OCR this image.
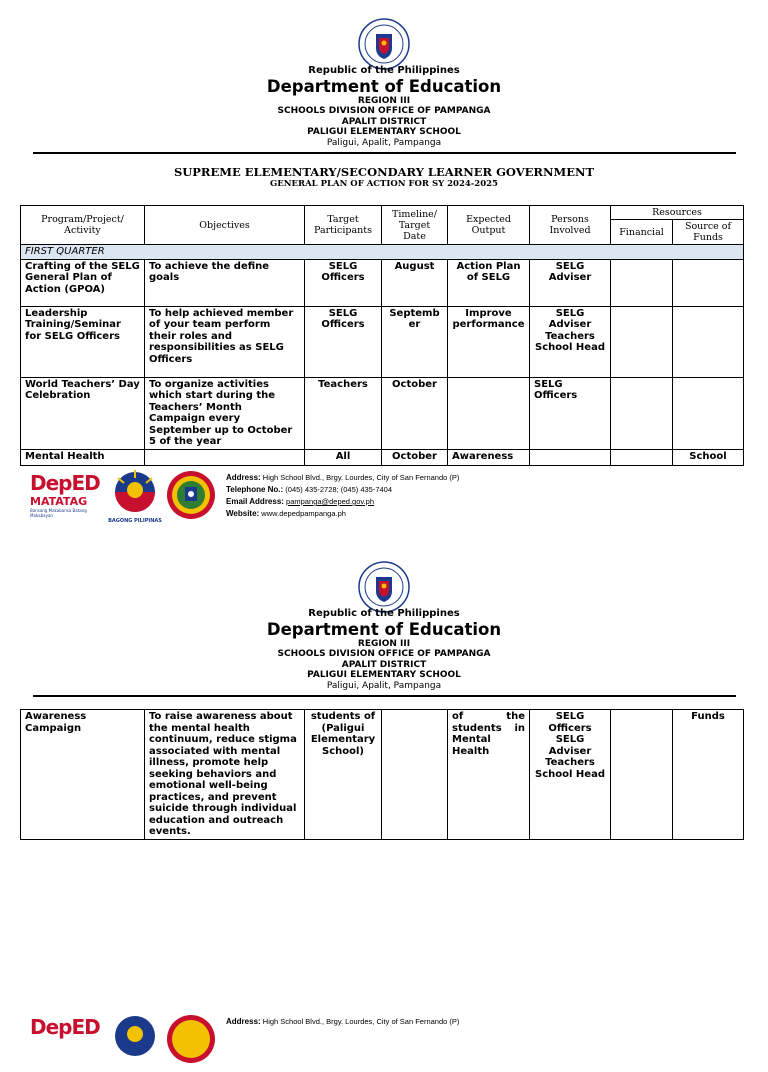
Republic of the Philippines
Department of Education
REGION III
SCHOOLS DIVISION OFFICE OF PAMPANGA
APALIT DISTRICT
PALIGUI ELEMENTARY SCHOOL
Paligui, Apalit, Pampanga
SUPREME ELEMENTARY/SECONDARY LEARNER GOVERNMENT
GENERAL PLAN OF ACTION FOR SY 2024-2025
Program/Project/ Activity	Objectives	Target Participants	Timeline/ Target Date	Expected Output	Persons Involved	Resources	
						Financial	Source of Funds
FIRST QUARTER							
Crafting of the SELG General Plan of Action (GPOA)	To achieve the define goals	SELG Officers	August	Action Plan of SELG	SELG Adviser		
Leadership Training/Seminar for SELG Officers	To help achieved member of your team perform their roles and responsibilities as SELG Officers	SELG Officers	Septemb er	Improve performance	SELG Adviser Teachers School Head		
World Teachers’ Day Celebration	To organize activities which start during the Teachers’ Month Campaign every September up to October 5 of the year	Teachers	October		SELG Officers		
Mental Health		All	October	Awareness			School
DepED
MATATAG
Bansang Makabansa Batang Makabayan
BAGONG PILIPINAS
Address: High School Blvd., Brgy. Lourdes, City of San Fernando (P)
Telephone No.: (045) 435-2728; (045) 435-7404
Email Address: pampanga@deped.gov.ph
Website: www.depedpampanga.ph
Republic of the Philippines
Department of Education
REGION III
SCHOOLS DIVISION OFFICE OF PAMPANGA
APALIT DISTRICT
PALIGUI ELEMENTARY SCHOOL
Paligui, Apalit, Pampanga
Awareness Campaign	To raise awareness about the mental health continuum, reduce stigma associated with mental illness, promote help seeking behaviors and emotional well-being practices, and prevent suicide through individual education and outreach events.	students of (Paligui Elementary School)		of the students in Mental Health	SELG Officers SELG Adviser Teachers School Head		Funds
DepED	Address: High School Blvd., Brgy. Lourdes, City of San Fernando (P)
